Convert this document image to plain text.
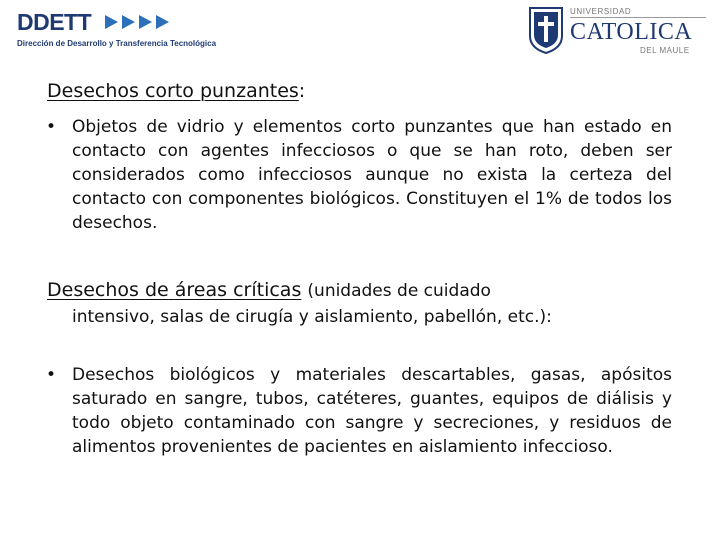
DDETT
Dirección de Desarrollo y Transferencia Tecnológica
UNIVERSIDAD
CATOLICA
DEL MAULE
Desechos corto punzantes:
• Objetos de vidrio y elementos corto punzantes que han estado en contacto con agentes infecciosos o que se han roto, deben ser considerados como infecciosos aunque no exista la certeza del contacto con componentes biológicos. Constituyen el 1% de todos los desechos.

Desechos de áreas críticas (unidades de cuidado

intensivo, salas de cirugía y aislamiento, pabellón, etc.):

• Desechos biológicos y materiales descartables, gasas, apósitos saturado en sangre, tubos, catéteres, guantes, equipos de diálisis y todo objeto contaminado con sangre y secreciones, y residuos de alimentos provenientes de pacientes en aislamiento infeccioso.
